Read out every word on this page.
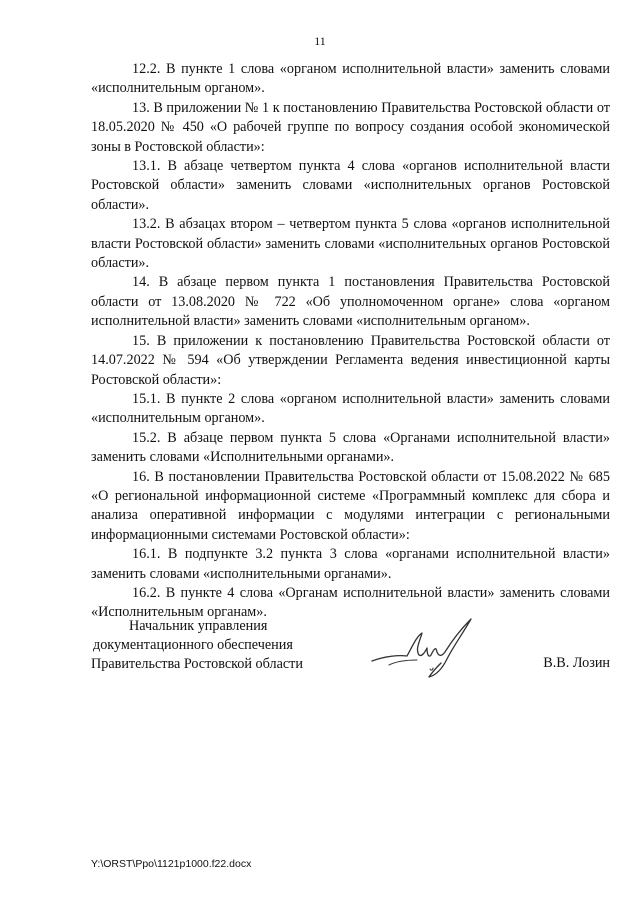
11

12.2. В пункте 1 слова «органом исполнительной власти» заменить словами «исполнительным органом».

13. В приложении № 1 к постановлению Правительства Ростовской области от 18.05.2020 № 450 «О рабочей группе по вопросу создания особой экономической зоны в Ростовской области»:

13.1. В абзаце четвертом пункта 4 слова «органов исполнительной власти Ростовской области» заменить словами «исполнительных органов Ростовской области».

13.2. В абзацах втором – четвертом пункта 5 слова «органов исполнительной власти Ростовской области» заменить словами «исполнительных органов Ростовской области».

14. В абзаце первом пункта 1 постановления Правительства Ростовской области от 13.08.2020 № 722 «Об уполномоченном органе» слова «органом исполнительной власти» заменить словами «исполнительным органом».

15. В приложении к постановлению Правительства Ростовской области от 14.07.2022 № 594 «Об утверждении Регламента ведения инвестиционной карты Ростовской области»:

15.1. В пункте 2 слова «органом исполнительной власти» заменить словами «исполнительным органом».

15.2. В абзаце первом пункта 5 слова «Органами исполнительной власти» заменить словами «Исполнительными органами».

16. В постановлении Правительства Ростовской области от 15.08.2022 № 685 «О региональной информационной системе «Программный комплекс для сбора и анализа оперативной информации с модулями интеграции с региональными информационными системами Ростовской области»:

16.1. В подпункте 3.2 пункта 3 слова «органами исполнительной власти» заменить словами «исполнительными органами».

16.2. В пункте 4 слова «Органам исполнительной власти» заменить словами «Исполнительным органам».

Начальник управления
документационного обеспечения
Правительства Ростовской области	В.В. Лозин
Y:\ORST\Ppo\1121p1000.f22.docx
